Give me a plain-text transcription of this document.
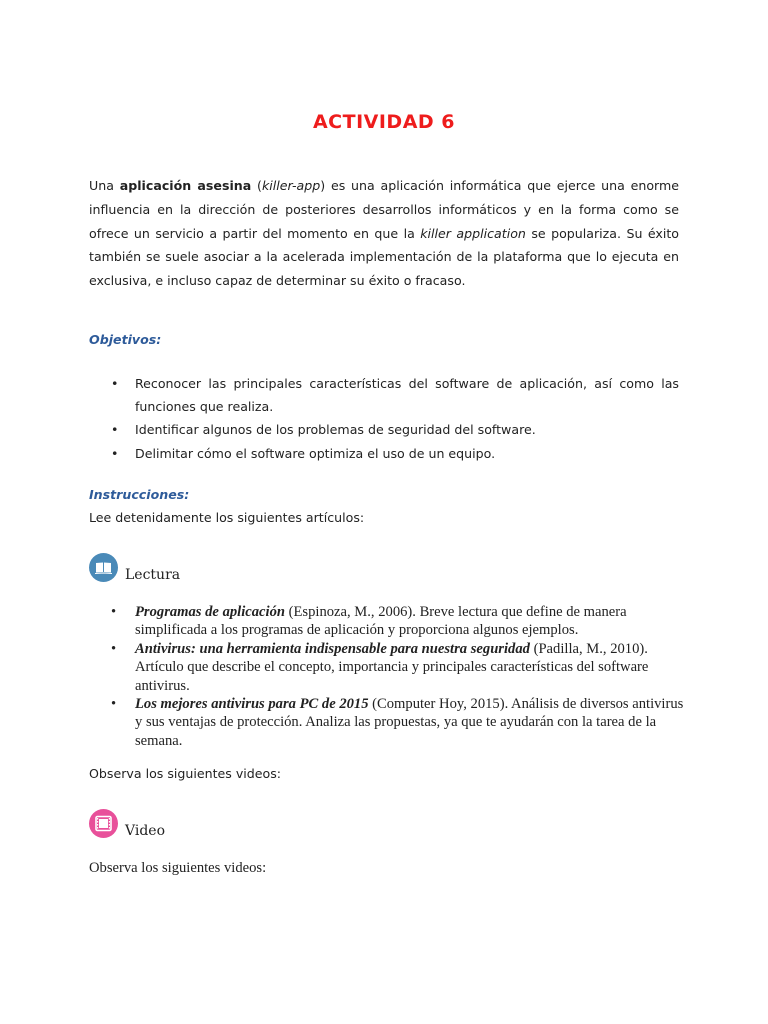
ACTIVIDAD 6
Una aplicación asesina (killer-app) es una aplicación informática que ejerce una enorme influencia en la dirección de posteriores desarrollos informáticos y en la forma como se ofrece un servicio a partir del momento en que la killer application se populariza. Su éxito también se suele asociar a la acelerada implementación de la plataforma que lo ejecuta en exclusiva, e incluso capaz de determinar su éxito o fracaso.
Objetivos:
• Reconocer las principales características del software de aplicación, así como las funciones que realiza.
• Identificar algunos de los problemas de seguridad del software.
• Delimitar cómo el software optimiza el uso de un equipo.
Instrucciones:
Lee detenidamente los siguientes artículos:
Lectura
• Programas de aplicación (Espinoza, M., 2006). Breve lectura que define de manera simplificada a los programas de aplicación y proporciona algunos ejemplos.
• Antivirus: una herramienta indispensable para nuestra seguridad (Padilla, M., 2010). Artículo que describe el concepto, importancia y principales características del software antivirus.
• Los mejores antivirus para PC de 2015 (Computer Hoy, 2015). Análisis de diversos antivirus y sus ventajas de protección. Analiza las propuestas, ya que te ayudarán con la tarea de la semana.
Observa los siguientes videos:
Video
Observa los siguientes videos:
